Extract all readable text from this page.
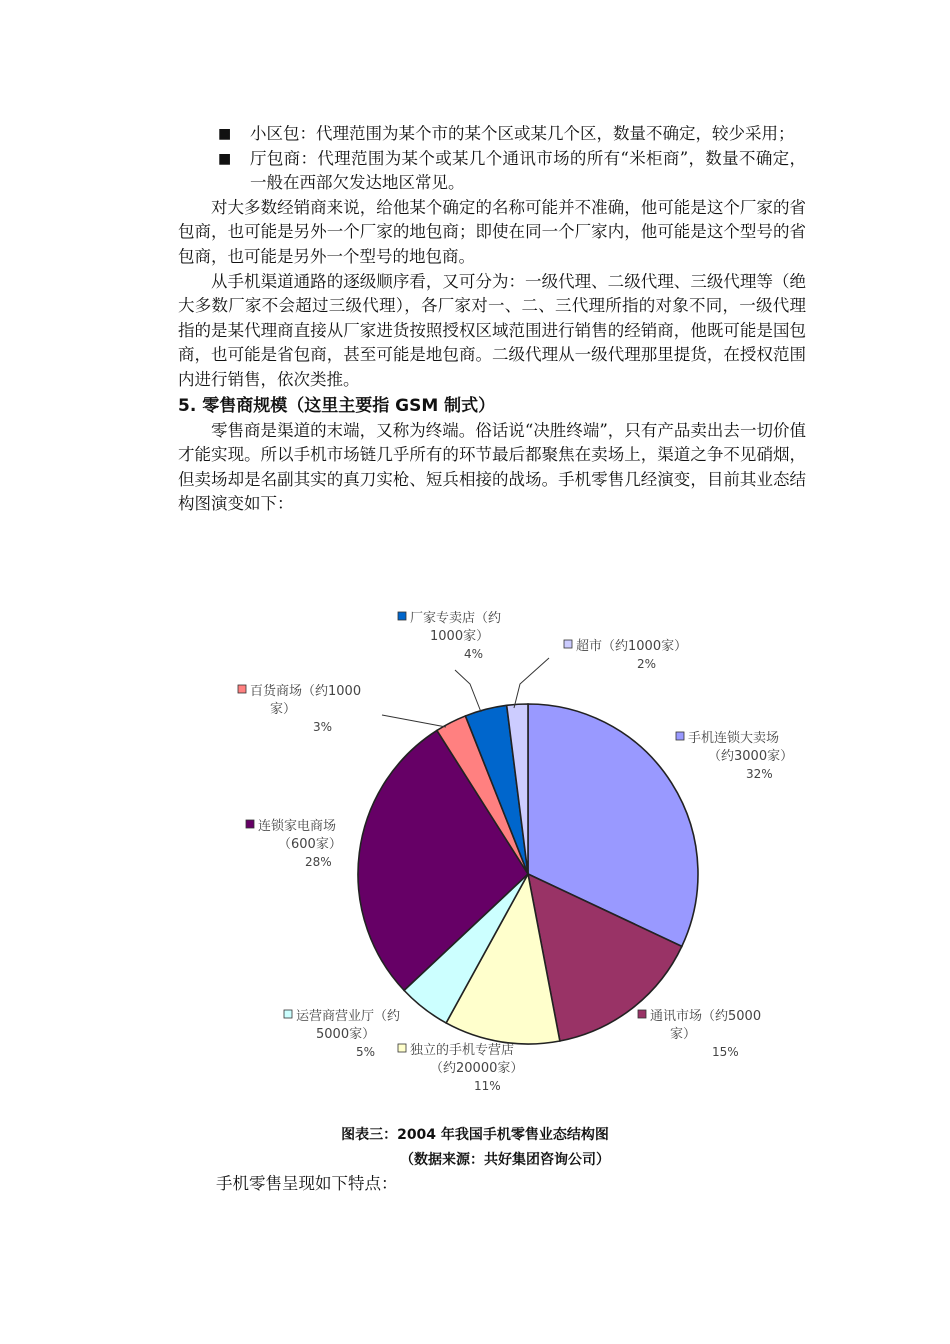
■ 小区包：代理范围为某个市的某个区或某几个区，数量不确定，较少采用；
■ 厅包商：代理范围为某个或某几个通讯市场的所有“米柜商”，数量不确定，一般在西部欠发达地区常见。

对大多数经销商来说，给他某个确定的名称可能并不准确，他可能是这个厂家的省包商，也可能是另外一个厂家的地包商；即使在同一个厂家内，他可能是这个型号的省包商，也可能是另外一个型号的地包商。

从手机渠道通路的逐级顺序看，又可分为：一级代理、二级代理、三级代理等（绝大多数厂家不会超过三级代理），各厂家对一、二、三代理所指的对象不同，一级代理指的是某代理商直接从厂家进货按照授权区域范围进行销售的经销商，他既可能是国包商，也可能是省包商，甚至可能是地包商。二级代理从一级代理那里提货，在授权范围内进行销售，依次类推。

5. 零售商规模（这里主要指 GSM 制式）

零售商是渠道的末端，又称为终端。俗话说“决胜终端”，只有产品卖出去一切价值才能实现。所以手机市场链几乎所有的环节最后都聚焦在卖场上，渠道之争不见硝烟，但卖场却是名副其实的真刀实枪、短兵相接的战场。手机零售几经演变，目前其业态结构图演变如下：

手机连锁大卖场
（约3000家）
32%
通讯市场（约5000
家）
15%
独立的手机专营店
（约20000家）
11%
运营商营业厅（约
5000家）
5%
连锁家电商场
（600家）
28%
百货商场（约1000
家）
3%
厂家专卖店（约
1000家）
4%	超市（约1000家）
2%
图表三：2004 年我国手机零售业态结构图
（数据来源：共好集团咨询公司）
手机零售呈现如下特点：
